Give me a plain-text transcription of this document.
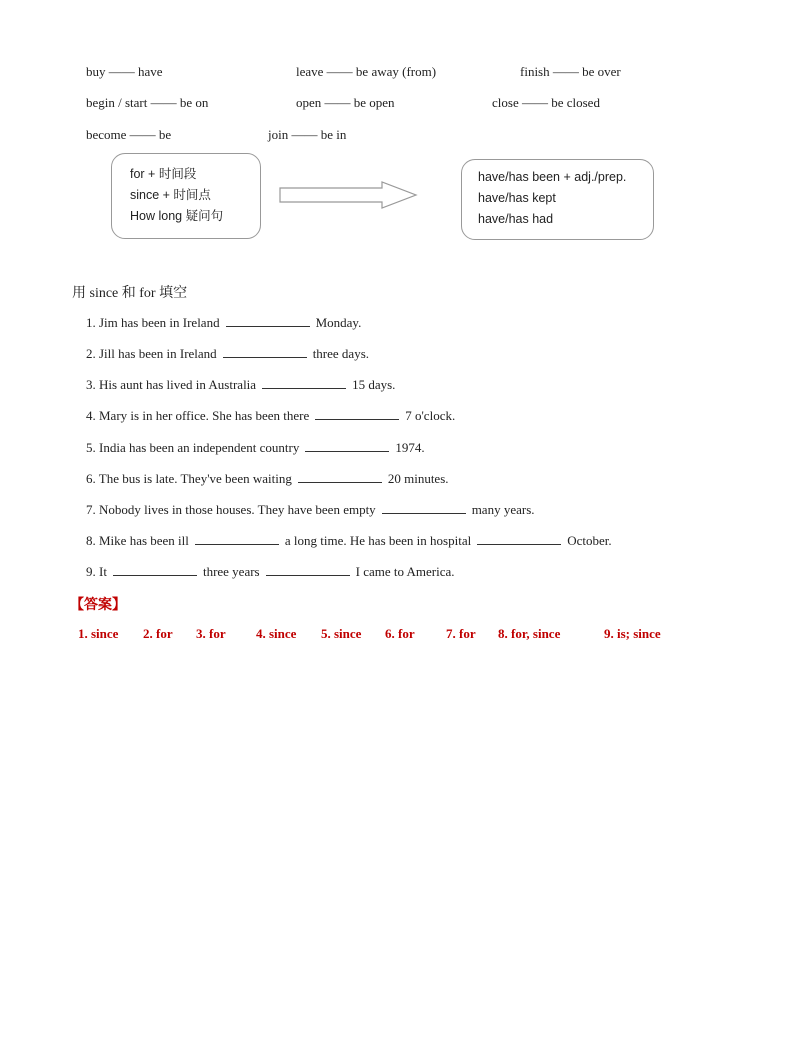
buy —— have	leave —— be away (from)	finish —— be over
begin / start —— be on	open —— be open	close —— be closed
become —— be	join —— be in
for + 时间段
since + 时间点
How long 疑问句
have/has been + adj./prep.
have/has kept
have/has had
用 since 和 for 填空
1. Jim has been in Ireland	Monday.
2. Jill has been in Ireland	three days.
3. His aunt has lived in Australia	15 days.
4. Mary is in her office. She has been there	7 o'clock.
5. India has been an independent country	1974.
6. The bus is late. They've been waiting	20 minutes.
7. Nobody lives in those houses. They have been empty	many years.
8. Mike has been ill	a long time. He has been in hospital	October.
9. It	three years	I came to America.
【答案】
1. since 2. for 3. for 4. since 5. since 6. for 7. for 8. for, since	9. is; since
